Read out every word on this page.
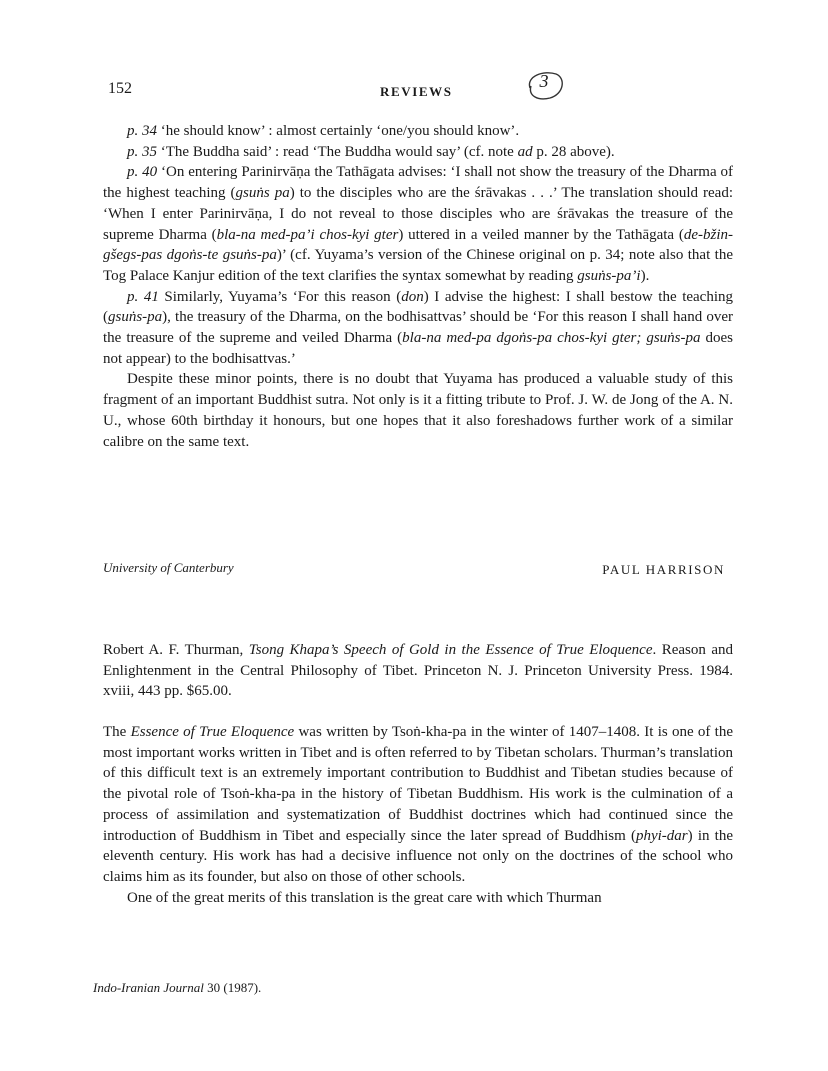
152	REVIEWS
3

p. 34 ‘he should know’ : almost certainly ‘one/you should know’.

p. 35 ‘The Buddha said’ : read ‘The Buddha would say’ (cf. note ad p. 28 above).

p. 40 ‘On entering Parinirvāṇa the Tathāgata advises: ‘I shall not show the treasury of the Dharma of the highest teaching (gsuṅs pa) to the disciples who are the śrāvakas . . .’ The translation should read: ‘When I enter Parinirvāṇa, I do not reveal to those disciples who are śrāvakas the treasure of the supreme Dharma (bla-na med-pa’i chos-kyi gter) uttered in a veiled manner by the Tathāgata (de-bžin-gšegs-pas dgoṅs-te gsuṅs-pa)’ (cf. Yuyama’s version of the Chinese original on p. 34; note also that the Tog Palace Kanjur edition of the text clarifies the syntax somewhat by reading gsuṅs-pa’i).

p. 41 Similarly, Yuyama’s ‘For this reason (don) I advise the highest: I shall bestow the teaching (gsuṅs-pa), the treasury of the Dharma, on the bodhisattvas’ should be ‘For this reason I shall hand over the treasure of the supreme and veiled Dharma (bla-na med-pa dgoṅs-pa chos-kyi gter; gsuṅs-pa does not appear) to the bodhisattvas.’

Despite these minor points, there is no doubt that Yuyama has produced a valuable study of this fragment of an important Buddhist sutra. Not only is it a fitting tribute to Prof. J. W. de Jong of the A. N. U., whose 60th birthday it honours, but one hopes that it also foreshadows further work of a similar calibre on the same text.

University of Canterbury	PAUL HARRISON

Robert A. F. Thurman, Tsong Khapa’s Speech of Gold in the Essence of True Eloquence. Reason and Enlightenment in the Central Philosophy of Tibet. Princeton N. J. Princeton University Press. 1984. xviii, 443 pp. $65.00.

The Essence of True Eloquence was written by Tsoṅ-kha-pa in the winter of 1407–1408. It is one of the most important works written in Tibet and is often referred to by Tibetan scholars. Thurman’s translation of this difficult text is an extremely important contribution to Buddhist and Tibetan studies because of the pivotal role of Tsoṅ-kha-pa in the history of Tibetan Buddhism. His work is the culmination of a process of assimilation and systematization of Buddhist doctrines which had continued since the introduction of Buddhism in Tibet and especially since the later spread of Buddhism (phyi-dar) in the eleventh century. His work has had a decisive influence not only on the doctrines of the school who claims him as its founder, but also on those of other schools.

One of the great merits of this translation is the great care with which Thurman

Indo-Iranian Journal 30 (1987).
